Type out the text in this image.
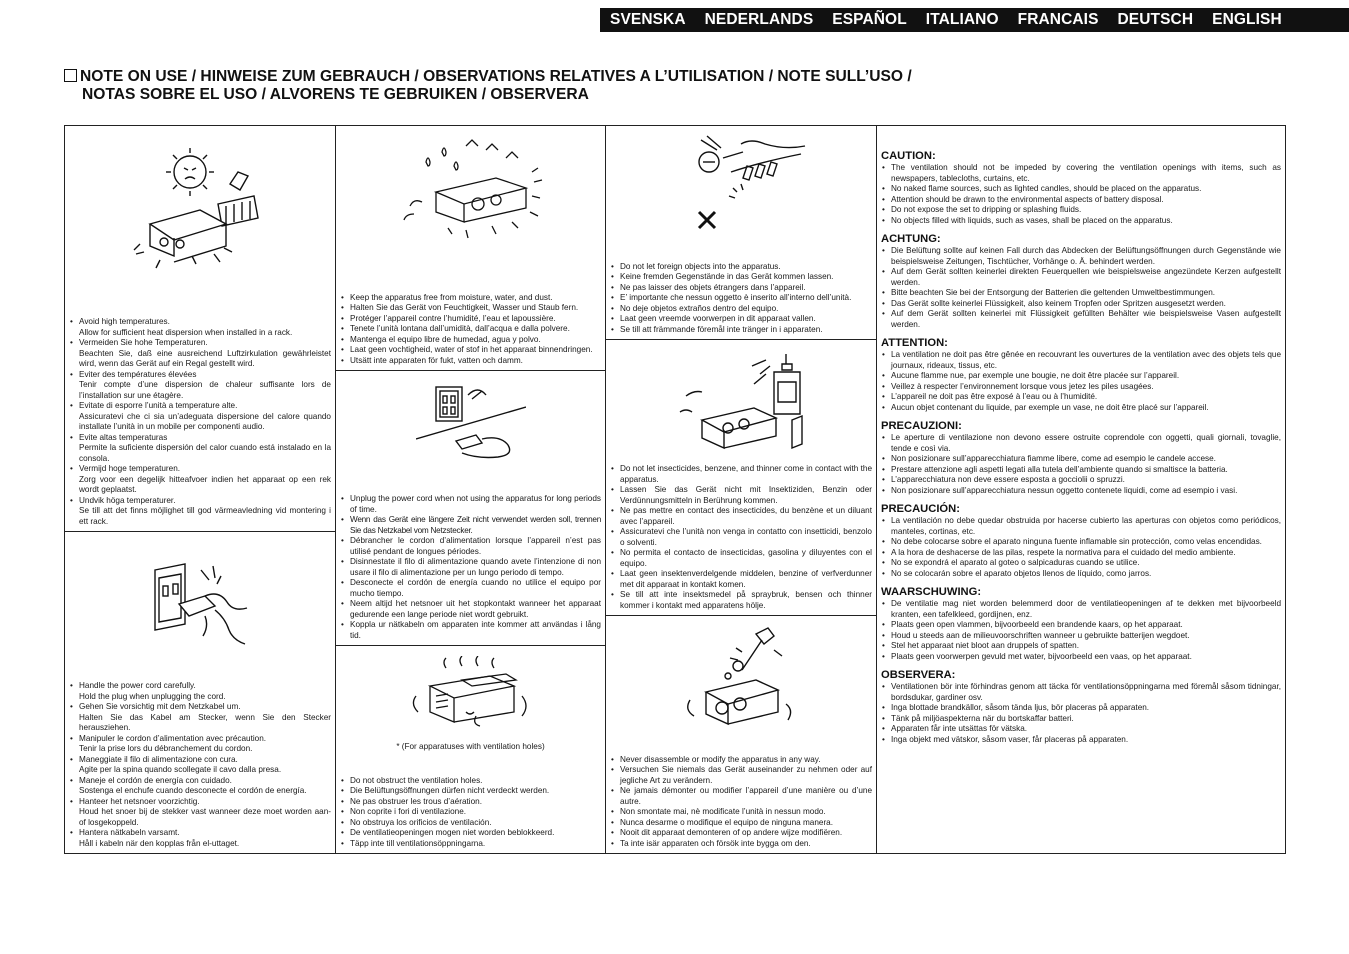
SVENSKA NEDERLANDS ESPAÑOL ITALIANO FRANCAIS DEUTSCH ENGLISH
NOTE ON USE / HINWEISE ZUM GEBRAUCH / OBSERVATIONS RELATIVES A L’UTILISATION / NOTE SULL’USO /
NOTAS SOBRE EL USO / ALVORENS TE GEBRUIKEN / OBSERVERA
• Avoid high temperatures.
Allow for sufficient heat dispersion when installed in a rack.
• Vermeiden Sie hohe Temperaturen.
Beachten Sie, daß eine ausreichend Luftzirkulation gewährleistet wird, wenn das Gerät auf ein Regal gestellt wird.
• Eviter des températures élevées
Tenir compte d’une dispersion de chaleur suffisante lors de l’installation sur une étagère.
• Evitate di esporre l’unità a temperature alte.
Assicuratevi che ci sia un’adeguata dispersione del calore quando installate l’unità in un mobile per componenti audio.
• Evite altas temperaturas
Permite la suficiente dispersión del calor cuando está instalado en la consola.
• Vermijd hoge temperaturen.
Zorg voor een degelijk hitteafvoer indien het apparaat op een rek wordt geplaatst.
• Undvik höga temperaturer.
Se till att det finns möjlighet till god värmeavledning vid montering i ett rack.
• Handle the power cord carefully.
Hold the plug when unplugging the cord.
• Gehen Sie vorsichtig mit dem Netzkabel um.
Halten Sie das Kabel am Stecker, wenn Sie den Stecker herausziehen.
• Manipuler le cordon d’alimentation avec précaution.
Tenir la prise lors du débranchement du cordon.
• Maneggiate il filo di alimentazione con cura.
Agite per la spina quando scollegate il cavo dalla presa.
• Maneje el cordón de energía con cuidado.
Sostenga el enchufe cuando desconecte el cordón de energía.
• Hanteer het netsnoer voorzichtig.
Houd het snoer bij de stekker vast wanneer deze moet worden aan- of losgekoppeld.
• Hantera nätkabeln varsamt.
Håll i kabeln när den kopplas från el-uttaget.
• Keep the apparatus free from moisture, water, and dust.
• Halten Sie das Gerät von Feuchtigkeit, Wasser und Staub fern.
• Protéger l’appareil contre l’humidité, l’eau et lapoussière.
• Tenete l’unità lontana dall’umidità, dall’acqua e dalla polvere.
• Mantenga el equipo libre de humedad, agua y polvo.
• Laat geen vochtigheid, water of stof in het apparaat binnendringen.
• Utsätt inte apparaten för fukt, vatten och damm.
• Unplug the power cord when not using the apparatus for long periods of time.
• Wenn das Gerät eine längere Zeit nicht verwendet werden soll, trennen Sie das Netzkabel vom Netzstecker.
• Débrancher le cordon d’alimentation lorsque l’appareil n’est pas utilisé pendant de longues périodes.
• Disinnestate il filo di alimentazione quando avete l’intenzione di non usare il filo di alimentazione per un lungo periodo di tempo.
• Desconecte el cordón de energía cuando no utilice el equipo por mucho tiempo.
• Neem altijd het netsnoer uit het stopkontakt wanneer het apparaat gedurende een lange periode niet wordt gebruikt.
• Koppla ur nätkabeln om apparaten inte kommer att användas i lång tid.
* (For apparatuses with ventilation holes)
• Do not obstruct the ventilation holes.
• Die Belüftungsöffnungen dürfen nicht verdeckt werden.
• Ne pas obstruer les trous d’aération.
• Non coprite i fori di ventilazione.
• No obstruya los orificios de ventilación.
• De ventilatieopeningen mogen niet worden beblokkeerd.
• Täpp inte till ventilationsöppningarna.
• Do not let foreign objects into the apparatus.
• Keine fremden Gegenstände in das Gerät kommen lassen.
• Ne pas laisser des objets étrangers dans l’appareil.
• E’ importante che nessun oggetto è inserito all’interno dell’unità.
• No deje objetos extraños dentro del equipo.
• Laat geen vreemde voorwerpen in dit apparaat vallen.
• Se till att främmande föremål inte tränger in i apparaten.
• Do not let insecticides, benzene, and thinner come in contact with the apparatus.
• Lassen Sie das Gerät nicht mit Insektiziden, Benzin oder Verdünnungsmitteln in Berührung kommen.
• Ne pas mettre en contact des insecticides, du benzène et un diluant avec l’appareil.
• Assicuratevi che l’unità non venga in contatto con insetticidi, benzolo o solventi.
• No permita el contacto de insecticidas, gasolina y diluyentes con el equipo.
• Laat geen insektenverdelgende middelen, benzine of verfverdunner met dit apparaat in kontakt komen.
• Se till att inte insektsmedel på spraybruk, bensen och thinner kommer i kontakt med apparatens hölje.
• Never disassemble or modify the apparatus in any way.
• Versuchen Sie niemals das Gerät auseinander zu nehmen oder auf jegliche Art zu verändern.
• Ne jamais démonter ou modifier l’appareil d’une manière ou d’une autre.
• Non smontate mai, nè modificate l’unità in nessun modo.
• Nunca desarme o modifique el equipo de ninguna manera.
• Nooit dit apparaat demonteren of op andere wijze modifiëren.
• Ta inte isär apparaten och försök inte bygga om den.
CAUTION:
• The ventilation should not be impeded by covering the ventilation openings with items, such as newspapers, tablecloths, curtains, etc.
• No naked flame sources, such as lighted candles, should be placed on the apparatus.
• Attention should be drawn to the environmental aspects of battery disposal.
• Do not expose the set to dripping or splashing fluids.
• No objects filled with liquids, such as vases, shall be placed on the apparatus.
ACHTUNG:
• Die Belüftung sollte auf keinen Fall durch das Abdecken der Belüftungsöffnungen durch Gegenstände wie beispielsweise Zeitungen, Tischtücher, Vorhänge o. Ä. behindert werden.
• Auf dem Gerät sollten keinerlei direkten Feuerquellen wie beispielsweise angezündete Kerzen aufgestellt werden.
• Bitte beachten Sie bei der Entsorgung der Batterien die geltenden Umweltbestimmungen.
• Das Gerät sollte keinerlei Flüssigkeit, also keinem Tropfen oder Spritzen ausgesetzt werden.
• Auf dem Gerät sollten keinerlei mit Flüssigkeit gefüllten Behälter wie beispielsweise Vasen aufgestellt werden.
ATTENTION:
• La ventilation ne doit pas être gênée en recouvrant les ouvertures de la ventilation avec des objets tels que journaux, rideaux, tissus, etc.
• Aucune flamme nue, par exemple une bougie, ne doit être placée sur l’appareil.
• Veillez à respecter l’environnement lorsque vous jetez les piles usagées.
• L’appareil ne doit pas être exposé à l’eau ou à l’humidité.
• Aucun objet contenant du liquide, par exemple un vase, ne doit être placé sur l’appareil.
PRECAUZIONI:
• Le aperture di ventilazione non devono essere ostruite coprendole con oggetti, quali giornali, tovaglie, tende e così via.
• Non posizionare sull’apparecchiatura fiamme libere, come ad esempio le candele accese.
• Prestare attenzione agli aspetti legati alla tutela dell’ambiente quando si smaltisce la batteria.
• L’apparecchiatura non deve essere esposta a gocciolii o spruzzi.
• Non posizionare sull’apparecchiatura nessun oggetto contenete liquidi, come ad esempio i vasi.
PRECAUCIÓN:
• La ventilación no debe quedar obstruida por hacerse cubierto las aperturas con objetos como periódicos, manteles, cortinas, etc.
• No debe colocarse sobre el aparato ninguna fuente inflamable sin protección, como velas encendidas.
• A la hora de deshacerse de las pilas, respete la normativa para el cuidado del medio ambiente.
• No se expondrá el aparato al goteo o salpicaduras cuando se utilice.
• No se colocarán sobre el aparato objetos llenos de líquido, como jarros.
WAARSCHUWING:
• De ventilatie mag niet worden belemmerd door de ventilatieopeningen af te dekken met bijvoorbeeld kranten, een tafelkleed, gordijnen, enz.
• Plaats geen open vlammen, bijvoorbeeld een brandende kaars, op het apparaat.
• Houd u steeds aan de milieuvoorschriften wanneer u gebruikte batterijen wegdoet.
• Stel het apparaat niet bloot aan druppels of spatten.
• Plaats geen voorwerpen gevuld met water, bijvoorbeeld een vaas, op het apparaat.
OBSERVERA:
• Ventilationen bör inte förhindras genom att täcka för ventilationsöppningarna med föremål såsom tidningar, bordsdukar, gardiner osv.
• Inga blottade brandkällor, såsom tända ljus, bör placeras på apparaten.
• Tänk på miljöaspekterna när du bortskaffar batteri.
• Apparaten får inte utsättas för vätska.
• Inga objekt med vätskor, såsom vaser, får placeras på apparaten.
